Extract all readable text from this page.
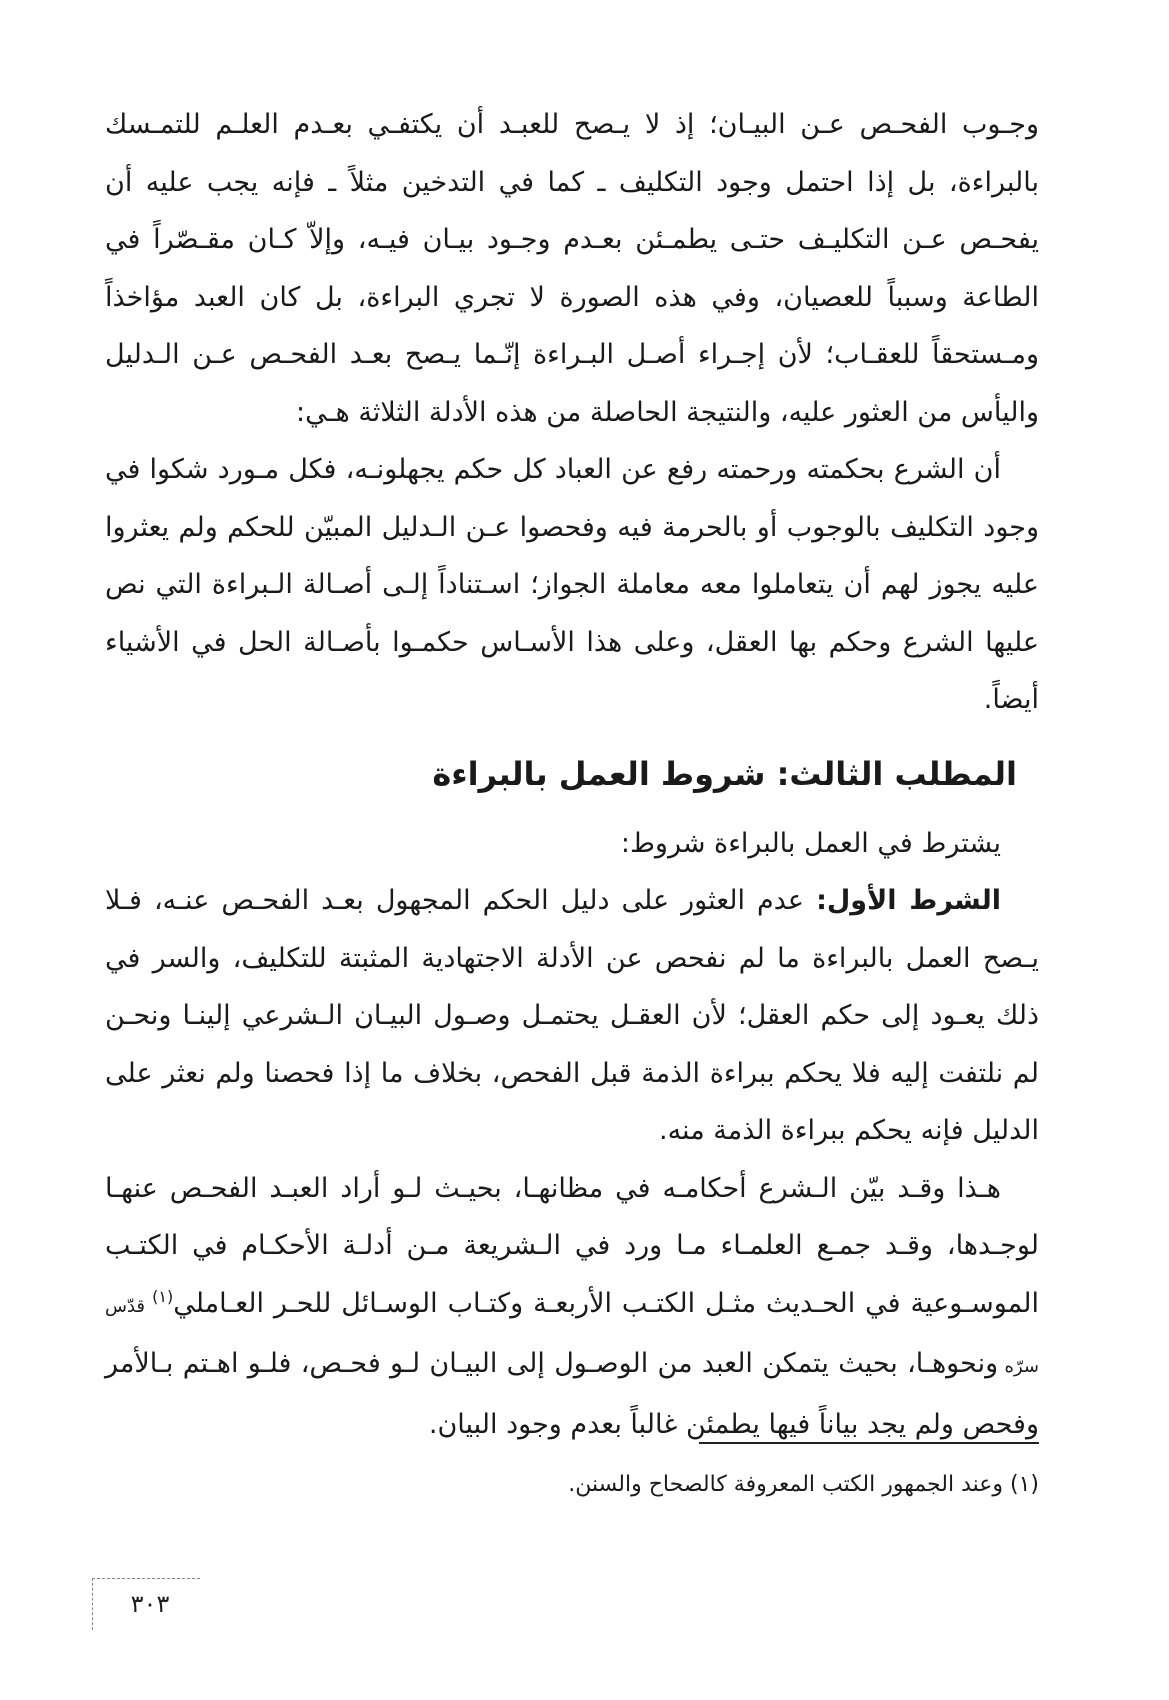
وجـوب الفحـص عـن البيـان؛ إذ لا يـصح للعبـد أن يكتفـي بعـدم العلـم للتمـسك بالبراءة، بل إذا احتمل وجود التكليف ـ كما في التدخين مثلاً ـ فإنه يجب عليه أن يفحـص عـن التكليـف حتـى يطمـئن بعـدم وجـود بيـان فيـه، وإلاّ كـان مقـصّراً في الطاعة وسبباً للعصيان، وفي هذه الصورة لا تجري البراءة، بل كان العبد مؤاخذاً ومـستحقاً للعقـاب؛ لأن إجـراء أصـل البـراءة إنّـما يـصح بعـد الفحـص عـن الـدليل واليأس من العثور عليه، والنتيجة الحاصلة من هذه الأدلة الثلاثة هـي:

أن الشرع بحكمته ورحمته رفع عن العباد كل حكم يجهلونـه، فكل مـورد شكوا في وجود التكليف بالوجوب أو بالحرمة فيه وفحصوا عـن الـدليل المبيّن للحكم ولم يعثروا عليه يجوز لهم أن يتعاملوا معه معاملة الجواز؛ اسـتناداً إلـى أصـالة الـبراءة التي نص عليها الشرع وحكم بها العقل، وعلى هذا الأسـاس حكمـوا بأصـالة الحل في الأشياء أيضاً.

المطلب الثالث: شروط العمل بالبراءة

يشترط في العمل بالبراءة شروط:

الشرط الأول: عدم العثور على دليل الحكم المجهول بعـد الفحـص عنـه، فـلا يـصح العمل بالبراءة ما لم نفحص عن الأدلة الاجتهادية المثبتة للتكليف، والسر في ذلك يعـود إلى حكم العقل؛ لأن العقـل يحتمـل وصـول البيـان الـشرعي إلينـا ونحـن لم نلتفت إليه فلا يحكم ببراءة الذمة قبل الفحص، بخلاف ما إذا فحصنا ولم نعثر على الدليل فإنه يحكم ببراءة الذمة منه.

هـذا وقـد بيّن الـشرع أحكامـه في مظانهـا، بحيـث لـو أراد العبـد الفحـص عنهـا لوجـدها، وقـد جمـع العلمـاء مـا ورد في الـشريعة مـن أدلـة الأحكـام في الكتـب الموسـوعية في الحـديث مثـل الكتـب الأربعـة وكتـاب الوسـائل للحـر العـاملي$^{(١)}$ قدّس سرّه ونحوهـا، بحيث يتمكن العبد من الوصـول إلى البيـان لـو فحـص، فلـو اهـتم بـالأمر وفحص ولم يجد بياناً فيها يطمئن غالباً بعدم وجود البيان.

(١) وعند الجمهور الكتب المعروفة كالصحاح والسنن.

٣٠٣
